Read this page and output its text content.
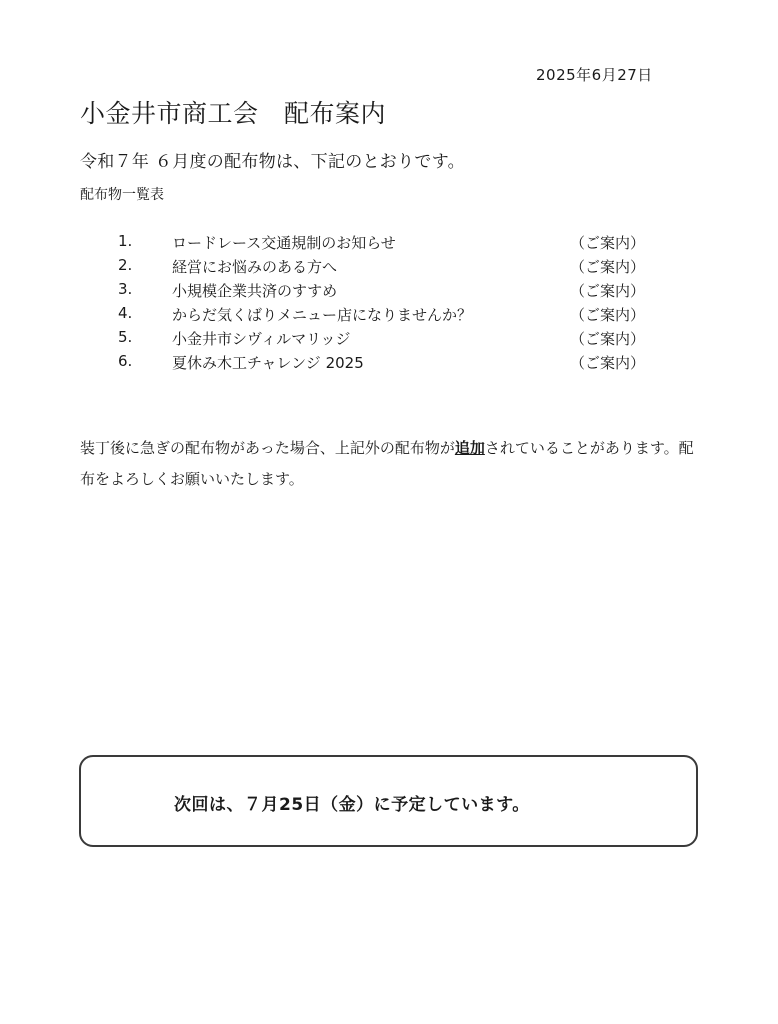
2025年6月27日
小金井市商工会　配布案内
令和７年 ６月度の配布物は、下記のとおりです。
配布物一覧表
1.	ロードレース交通規制のお知らせ	（ご案内）
2.	経営にお悩みのある方へ	（ご案内）
3.	小規模企業共済のすすめ	（ご案内）
4.	からだ気くばりメニュー店になりませんか？	（ご案内）
5.	小金井市シヴィルマリッジ	（ご案内）
6.	夏休み木工チャレンジ 2025	（ご案内）
装丁後に急ぎの配布物があった場合、上記外の配布物が追加されていることがあります。配布をよろしくお願いいたします。
次回は、７月25日（金）に予定しています。
